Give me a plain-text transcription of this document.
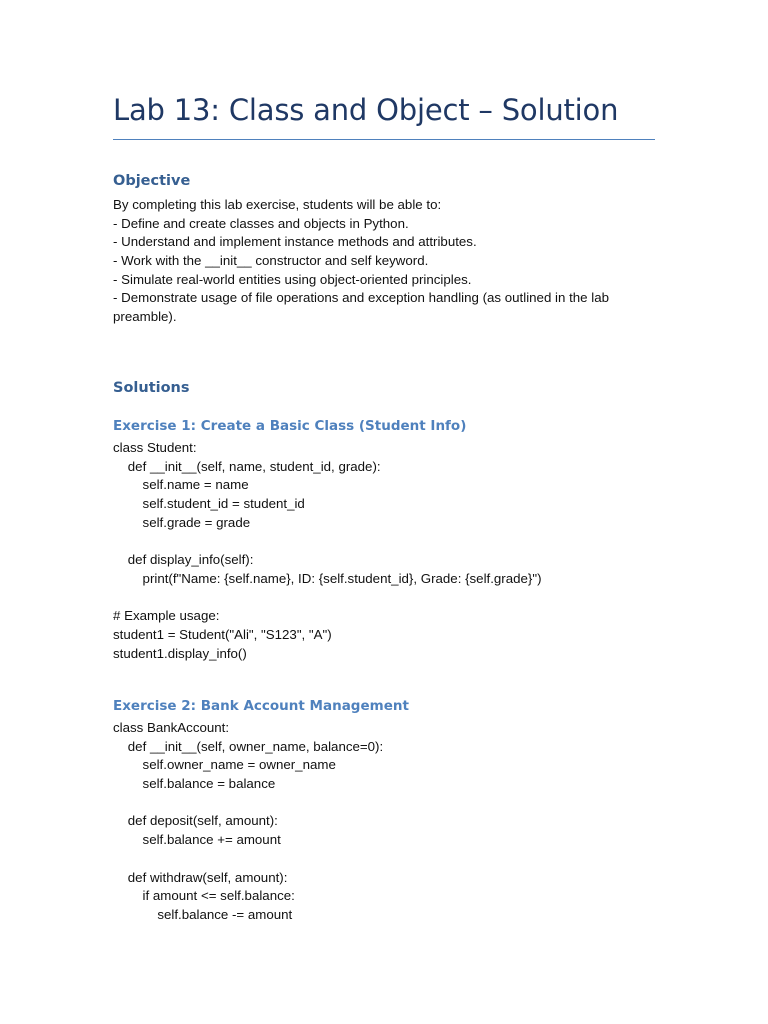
Lab 13: Class and Object – Solution
Objective
By completing this lab exercise, students will be able to:
- Define and create classes and objects in Python.
- Understand and implement instance methods and attributes.
- Work with the __init__ constructor and self keyword.
- Simulate real-world entities using object-oriented principles.
- Demonstrate usage of file operations and exception handling (as outlined in the lab
preamble).
Solutions
Exercise 1: Create a Basic Class (Student Info)
class Student:
def __init__(self, name, student_id, grade):
self.name = name
self.student_id = student_id
self.grade = grade
def display_info(self):
print(f"Name: {self.name}, ID: {self.student_id}, Grade: {self.grade}")
# Example usage:
student1 = Student("Ali", "S123", "A")
student1.display_info()
Exercise 2: Bank Account Management
class BankAccount:
def __init__(self, owner_name, balance=0):
self.owner_name = owner_name
self.balance = balance
def deposit(self, amount):
self.balance += amount
def withdraw(self, amount):
if amount <= self.balance:
self.balance -= amount
